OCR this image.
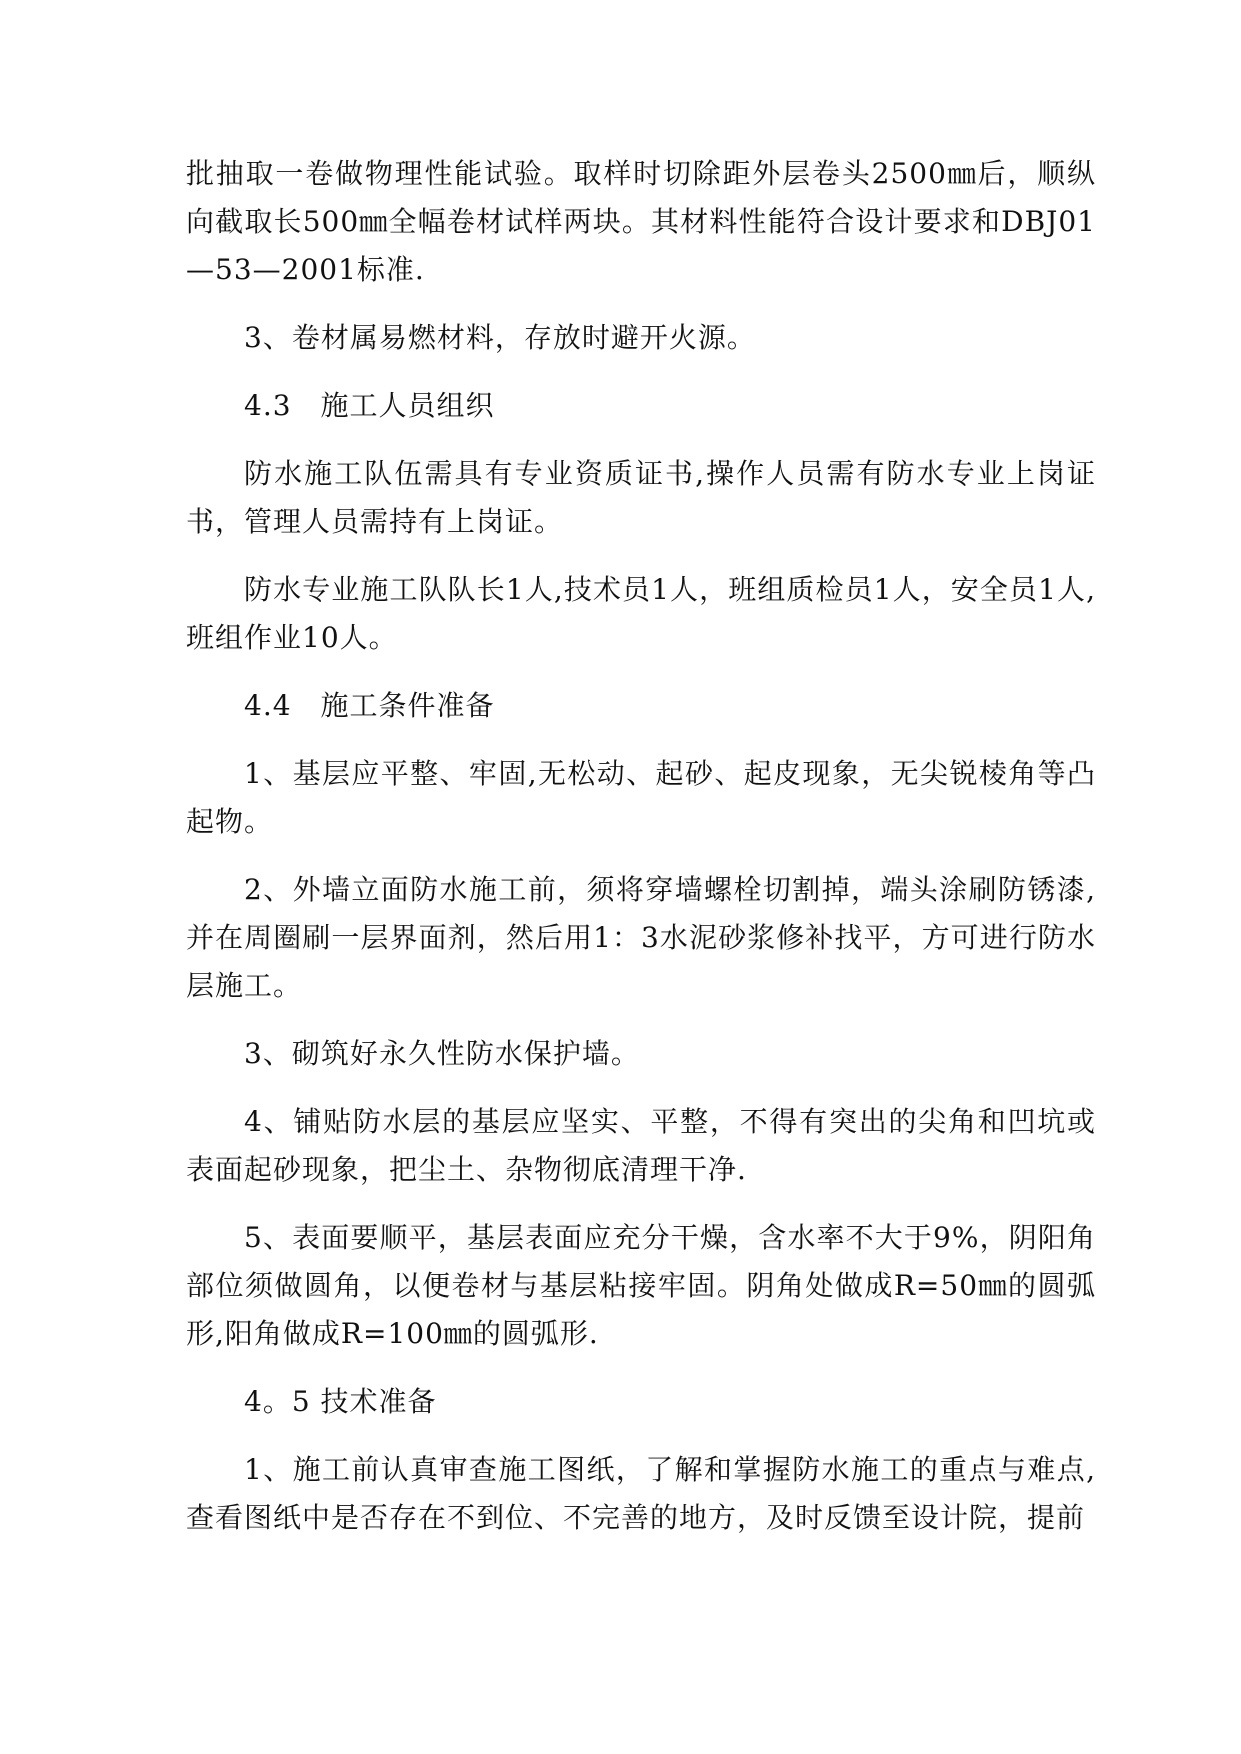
批抽取一卷做物理性能试验。取样时切除距外层卷头2500㎜后，顺纵向截取长500㎜全幅卷材试样两块。其材料性能符合设计要求和DBJ01—53—2001标准.

3、卷材属易燃材料，存放时避开火源。

4.3　施工人员组织

防水施工队伍需具有专业资质证书,操作人员需有防水专业上岗证书，管理人员需持有上岗证。

防水专业施工队队长1人,技术员1人，班组质检员1人，安全员1人,班组作业10人。

4.4　施工条件准备

1、基层应平整、牢固,无松动、起砂、起皮现象，无尖锐棱角等凸起物。

2、外墙立面防水施工前，须将穿墙螺栓切割掉，端头涂刷防锈漆,并在周圈刷一层界面剂，然后用1：3水泥砂浆修补找平，方可进行防水层施工。

3、砌筑好永久性防水保护墙。

4、铺贴防水层的基层应坚实、平整，不得有突出的尖角和凹坑或表面起砂现象，把尘土、杂物彻底清理干净.

5、表面要顺平，基层表面应充分干燥，含水率不大于9%，阴阳角部位须做圆角，以便卷材与基层粘接牢固。阴角处做成R=50㎜的圆弧形,阳角做成R=100㎜的圆弧形.

4。5 技术准备

1、施工前认真审查施工图纸，了解和掌握防水施工的重点与难点,查看图纸中是否存在不到位、不完善的地方，及时反馈至设计院，提前
